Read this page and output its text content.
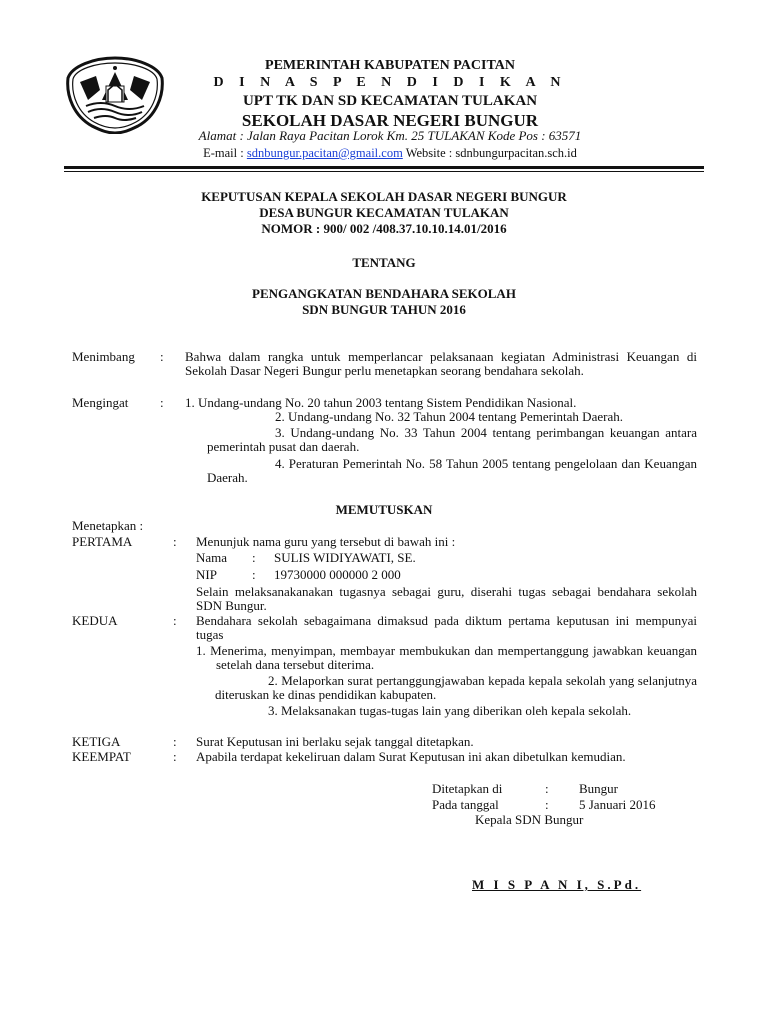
PEMERINTAH KABUPATEN PACITAN
D I N A S P E N D I D I K A N
UPT TK DAN SD KECAMATAN TULAKAN
SEKOLAH DASAR NEGERI BUNGUR
Alamat : Jalan Raya Pacitan Lorok Km. 25 TULAKAN Kode Pos : 63571
E-mail : sdnbungur.pacitan@gmail.com Website : sdnbungurpacitan.sch.id
KEPUTUSAN KEPALA SEKOLAH DASAR NEGERI BUNGUR
DESA BUNGUR KECAMATAN TULAKAN
NOMOR : 900/ 002 /408.37.10.10.14.01/2016
TENTANG
PENGANGKATAN BENDAHARA SEKOLAH
SDN BUNGUR TAHUN 2016
Menimbang : Bahwa dalam rangka untuk memperlancar pelaksanaan kegiatan Administrasi Keuangan di Sekolah Dasar Negeri Bungur perlu menetapkan seorang bendahara sekolah.
Mengingat : 1. Undang-undang No. 20 tahun 2003 tentang Sistem Pendidikan Nasional.
2. Undang-undang No. 32 Tahun 2004 tentang Pemerintah Daerah.
3. Undang-undang No. 33 Tahun 2004 tentang perimbangan keuangan antara pemerintah pusat dan daerah.
4. Peraturan Pemerintah No. 58 Tahun 2005 tentang pengelolaan dan Keuangan Daerah.
MEMUTUSKAN
Menetapkan :
PERTAMA	: Menunjuk nama guru yang tersebut di bawah ini :
Nama : SULIS WIDIYAWATI, SE.
NIP	: 19730000 000000 2 000
Selain melaksanakanakan tugasnya sebagai guru, diserahi tugas sebagai bendahara sekolah SDN Bungur.
KEDUA	: Bendahara sekolah sebagaimana dimaksud pada diktum pertama keputusan ini mempunyai tugas
1. Menerima, menyimpan, membayar membukukan dan mempertanggung jawabkan keuangan setelah dana tersebut diterima.
2. Melaporkan surat pertanggungjawaban kepada kepala sekolah yang selanjutnya diteruskan ke dinas pendidikan kabupaten.
3. Melaksanakan tugas-tugas lain yang diberikan oleh kepala sekolah.
KETIGA	: Surat Keputusan ini berlaku sejak tanggal ditetapkan.
KEEMPAT	: Apabila terdapat kekeliruan dalam Surat Keputusan ini akan dibetulkan kemudian.
Ditetapkan di	: Bungur
Pada tanggal	: 5 Januari 2016
Kepala SDN Bungur
M I S P A N I, S.Pd.
